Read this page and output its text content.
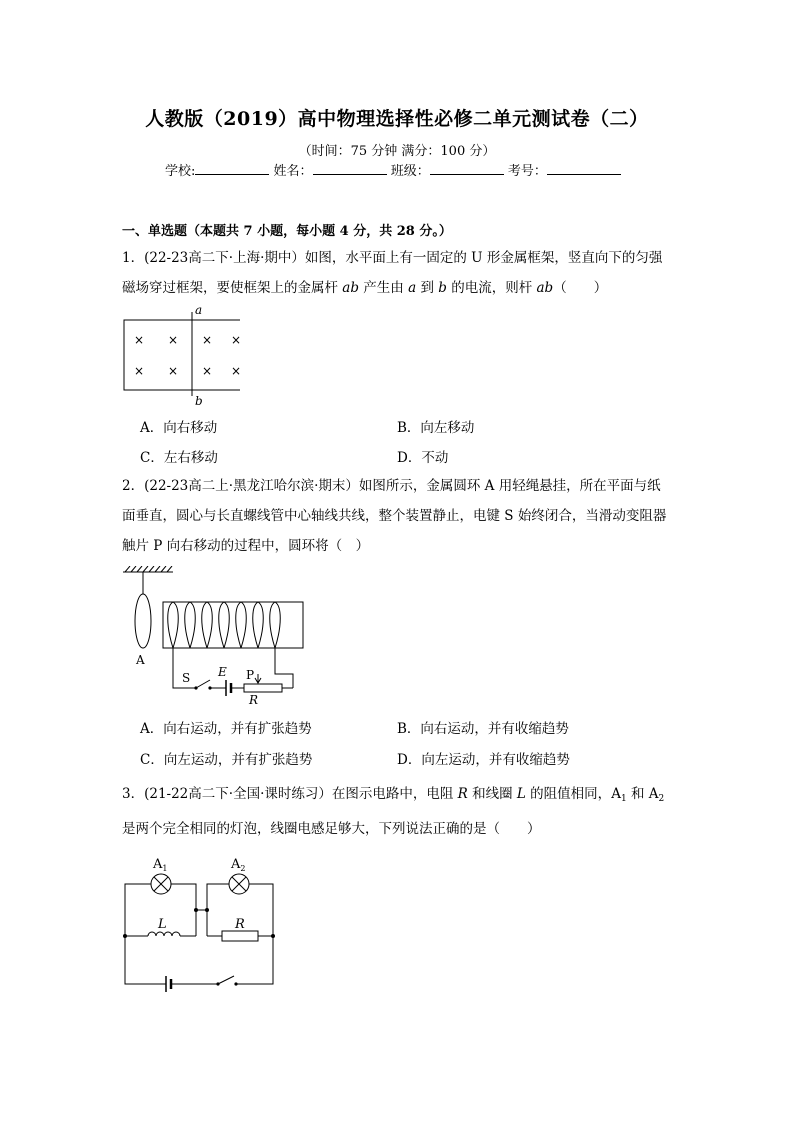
人教版（2019）高中物理选择性必修二单元测试卷（二）
（时间：75 分钟 满分：100 分）
学校:	姓名：	班级：	考号：
一、单选题（本题共 7 小题，每小题 4 分，共 28 分。）
1．(22-23高二下·上海·期中）如图，水平面上有一固定的 U 形金属框架，竖直向下的匀强
磁场穿过框架，要使框架上的金属杆 ab 产生由 a 到 b 的电流，则杆 ab（　　）
a
b
× × × ×
× × × ×
A．向右移动	B．向左移动
C．左右移动	D．不动
2．(22-23高二上·黑龙江哈尔滨·期末）如图所示，金属圆环 A 用轻绳悬挂，所在平面与纸
面垂直，圆心与长直螺线管中心轴线共线，整个装置静止，电键 S 始终闭合，当滑动变阻器
触片 P 向右移动的过程中，圆环将（　）
A
S E P
R
A．向右运动，并有扩张趋势	B．向右运动，并有收缩趋势
C．向左运动，并有扩张趋势	D．向左运动，并有收缩趋势
3．(21-22高二下·全国·课时练习）在图示电路中，电阻 R 和线圈 L 的阻值相同，$A_1$ 和 $A_2$
是两个完全相同的灯泡，线圈电感足够大，下列说法正确的是（　　）
$A_1$	$A_2$
L	R
